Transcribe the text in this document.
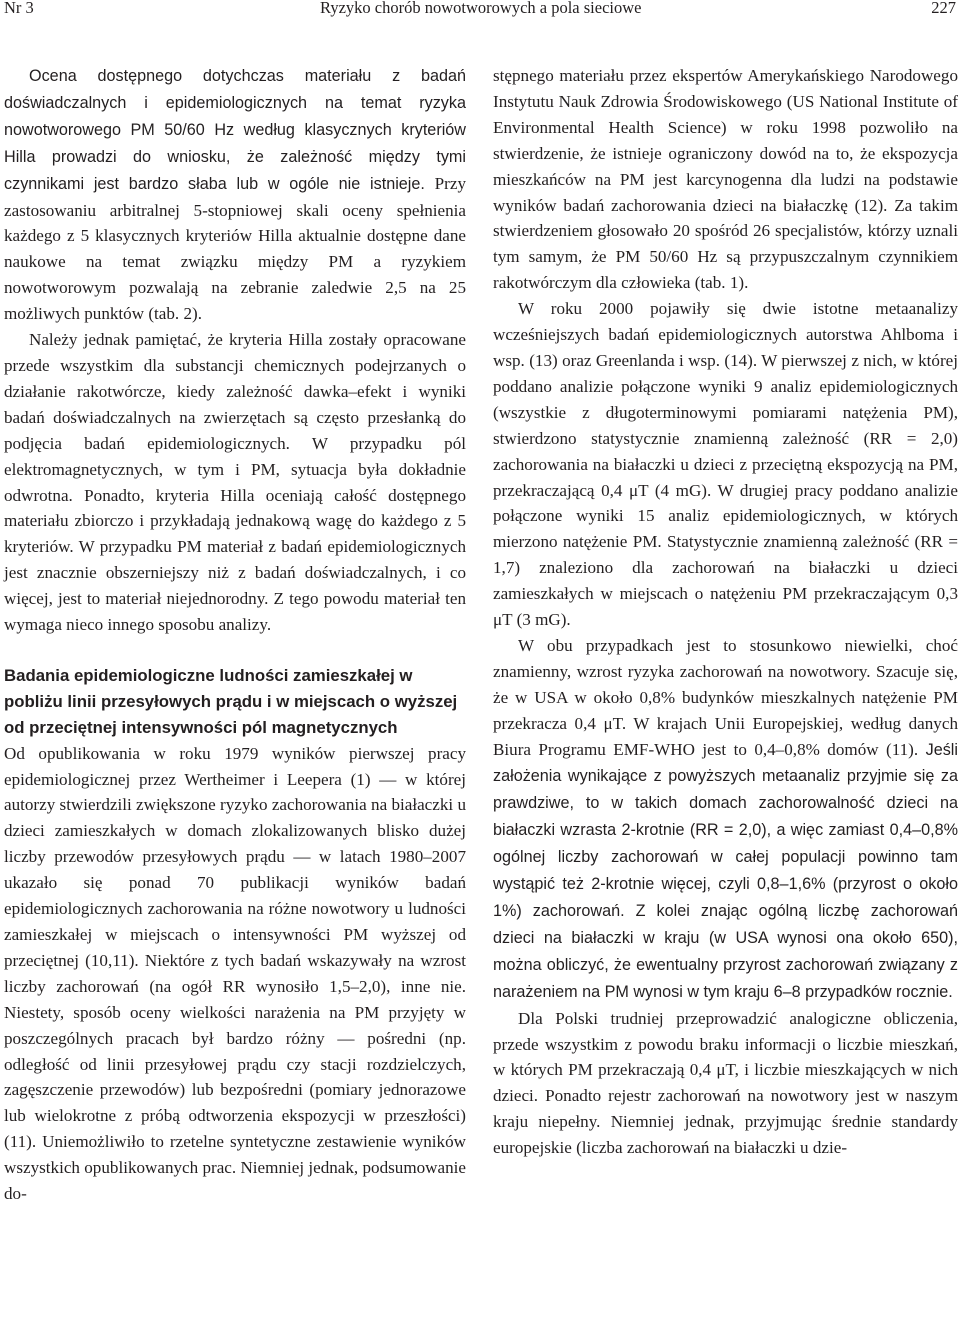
Nr 3	Ryzyko chorób nowotworowych a pola sieciowe	227

Ocena dostępnego dotychczas materiału z badań doświadczalnych i epidemiologicznych na temat ryzyka nowotworowego PM 50/60 Hz według klasycznych kryteriów Hilla prowadzi do wniosku, że zależność między tymi czynnikami jest bardzo słaba lub w ogóle nie istnieje. Przy zastosowaniu arbitralnej 5-stopniowej skali oceny spełnienia każdego z 5 klasycznych kryteriów Hilla aktualnie dostępne dane naukowe na temat związku między PM a ryzykiem nowotworowym pozwalają na zebranie zaledwie 2,5 na 25 możliwych punktów (tab. 2).

Należy jednak pamiętać, że kryteria Hilla zostały opracowane przede wszystkim dla substancji chemicznych podejrzanych o działanie rakotwórcze, kiedy zależność dawka–efekt i wyniki badań doświadczalnych na zwierzętach są często przesłanką do podjęcia badań epidemiologicznych. W przypadku pól elektromagnetycznych, w tym i PM, sytuacja była dokładnie odwrotna. Ponadto, kryteria Hilla oceniają całość dostępnego materiału zbiorczo i przykładają jednakową wagę do każdego z 5 kryteriów. W przypadku PM materiał z badań epidemiologicznych jest znacznie obszerniejszy niż z badań doświadczalnych, i co więcej, jest to materiał niejednorodny. Z tego powodu materiał ten wymaga nieco innego sposobu analizy.

Badania epidemiologiczne ludności zamieszkałej w pobliżu linii przesyłowych prądu i w miejscach o wyższej od przeciętnej intensywności pól magnetycznych

Od opublikowania w roku 1979 wyników pierwszej pracy epidemiologicznej przez Wertheimer i Leepera (1) — w której autorzy stwierdzili zwiększone ryzyko zachorowania na białaczki u dzieci zamieszkałych w domach zlokalizowanych blisko dużej liczby przewodów przesyłowych prądu — w latach 1980–2007 ukazało się ponad 70 publikacji wyników badań epidemiologicznych zachorowania na różne nowotwory u ludności zamieszkałej w miejscach o intensywności PM wyższej od przeciętnej (10,11). Niektóre z tych badań wskazywały na wzrost liczby zachorowań (na ogół RR wynosiło 1,5–2,0), inne nie. Niestety, sposób oceny wielkości narażenia na PM przyjęty w poszczególnych pracach był bardzo różny — pośredni (np. odległość od linii przesyłowej prądu czy stacji rozdzielczych, zagęszczenie przewodów) lub bezpośredni (pomiary jednorazowe lub wielokrotne z próbą odtworzenia ekspozycji w przeszłości) (11). Uniemożliwiło to rzetelne syntetyczne zestawienie wyników wszystkich opublikowanych prac. Niemniej jednak, podsumowanie do-

stępnego materiału przez ekspertów Amerykańskiego Narodowego Instytutu Nauk Zdrowia Środowiskowego (US National Institute of Environmental Health Science) w roku 1998 pozwoliło na stwierdzenie, że istnieje ograniczony dowód na to, że ekspozycja mieszkańców na PM jest karcynogenna dla ludzi na podstawie wyników badań zachorowania dzieci na białaczkę (12). Za takim stwierdzeniem głosowało 20 spośród 26 specjalistów, którzy uznali tym samym, że PM 50/60 Hz są przypuszczalnym czynnikiem rakotwórczym dla człowieka (tab. 1).

W roku 2000 pojawiły się dwie istotne metaanalizy wcześniejszych badań epidemiologicznych autorstwa Ahlboma i wsp. (13) oraz Greenlanda i wsp. (14). W pierwszej z nich, w której poddano analizie połączone wyniki 9 analiz epidemiologicznych (wszystkie z długoterminowymi pomiarami natężenia PM), stwierdzono statystycznie znamienną zależność (RR = 2,0) zachorowania na białaczki u dzieci z przeciętną ekspozycją na PM, przekraczającą 0,4 μT (4 mG). W drugiej pracy poddano analizie połączone wyniki 15 analiz epidemiologicznych, w których mierzono natężenie PM. Statystycznie znamienną zależność (RR = 1,7) znaleziono dla zachorowań na białaczki u dzieci zamieszkałych w miejscach o natężeniu PM przekraczającym 0,3 μT (3 mG).

W obu przypadkach jest to stosunkowo niewielki, choć znamienny, wzrost ryzyka zachorowań na nowotwory. Szacuje się, że w USA w około 0,8% budynków mieszkalnych natężenie PM przekracza 0,4 μT. W krajach Unii Europejskiej, według danych Biura Programu EMF-WHO jest to 0,4–0,8% domów (11). Jeśli założenia wynikające z powyższych metaanaliz przyjmie się za prawdziwe, to w takich domach zachorowalność dzieci na białaczki wzrasta 2-krotnie (RR = 2,0), a więc zamiast 0,4–0,8% ogólnej liczby zachorowań w całej populacji powinno tam wystąpić też 2-krotnie więcej, czyli 0,8–1,6% (przyrost o około 1%) zachorowań. Z kolei znając ogólną liczbę zachorowań dzieci na białaczki w kraju (w USA wynosi ona około 650), można obliczyć, że ewentualny przyrost zachorowań związany z narażeniem na PM wynosi w tym kraju 6–8 przypadków rocznie.

Dla Polski trudniej przeprowadzić analogiczne obliczenia, przede wszystkim z powodu braku informacji o liczbie mieszkań, w których PM przekraczają 0,4 μT, i liczbie mieszkających w nich dzieci. Ponadto rejestr zachorowań na nowotwory jest w naszym kraju niepełny. Niemniej jednak, przyjmując średnie standardy europejskie (liczba zachorowań na białaczki u dzie-
